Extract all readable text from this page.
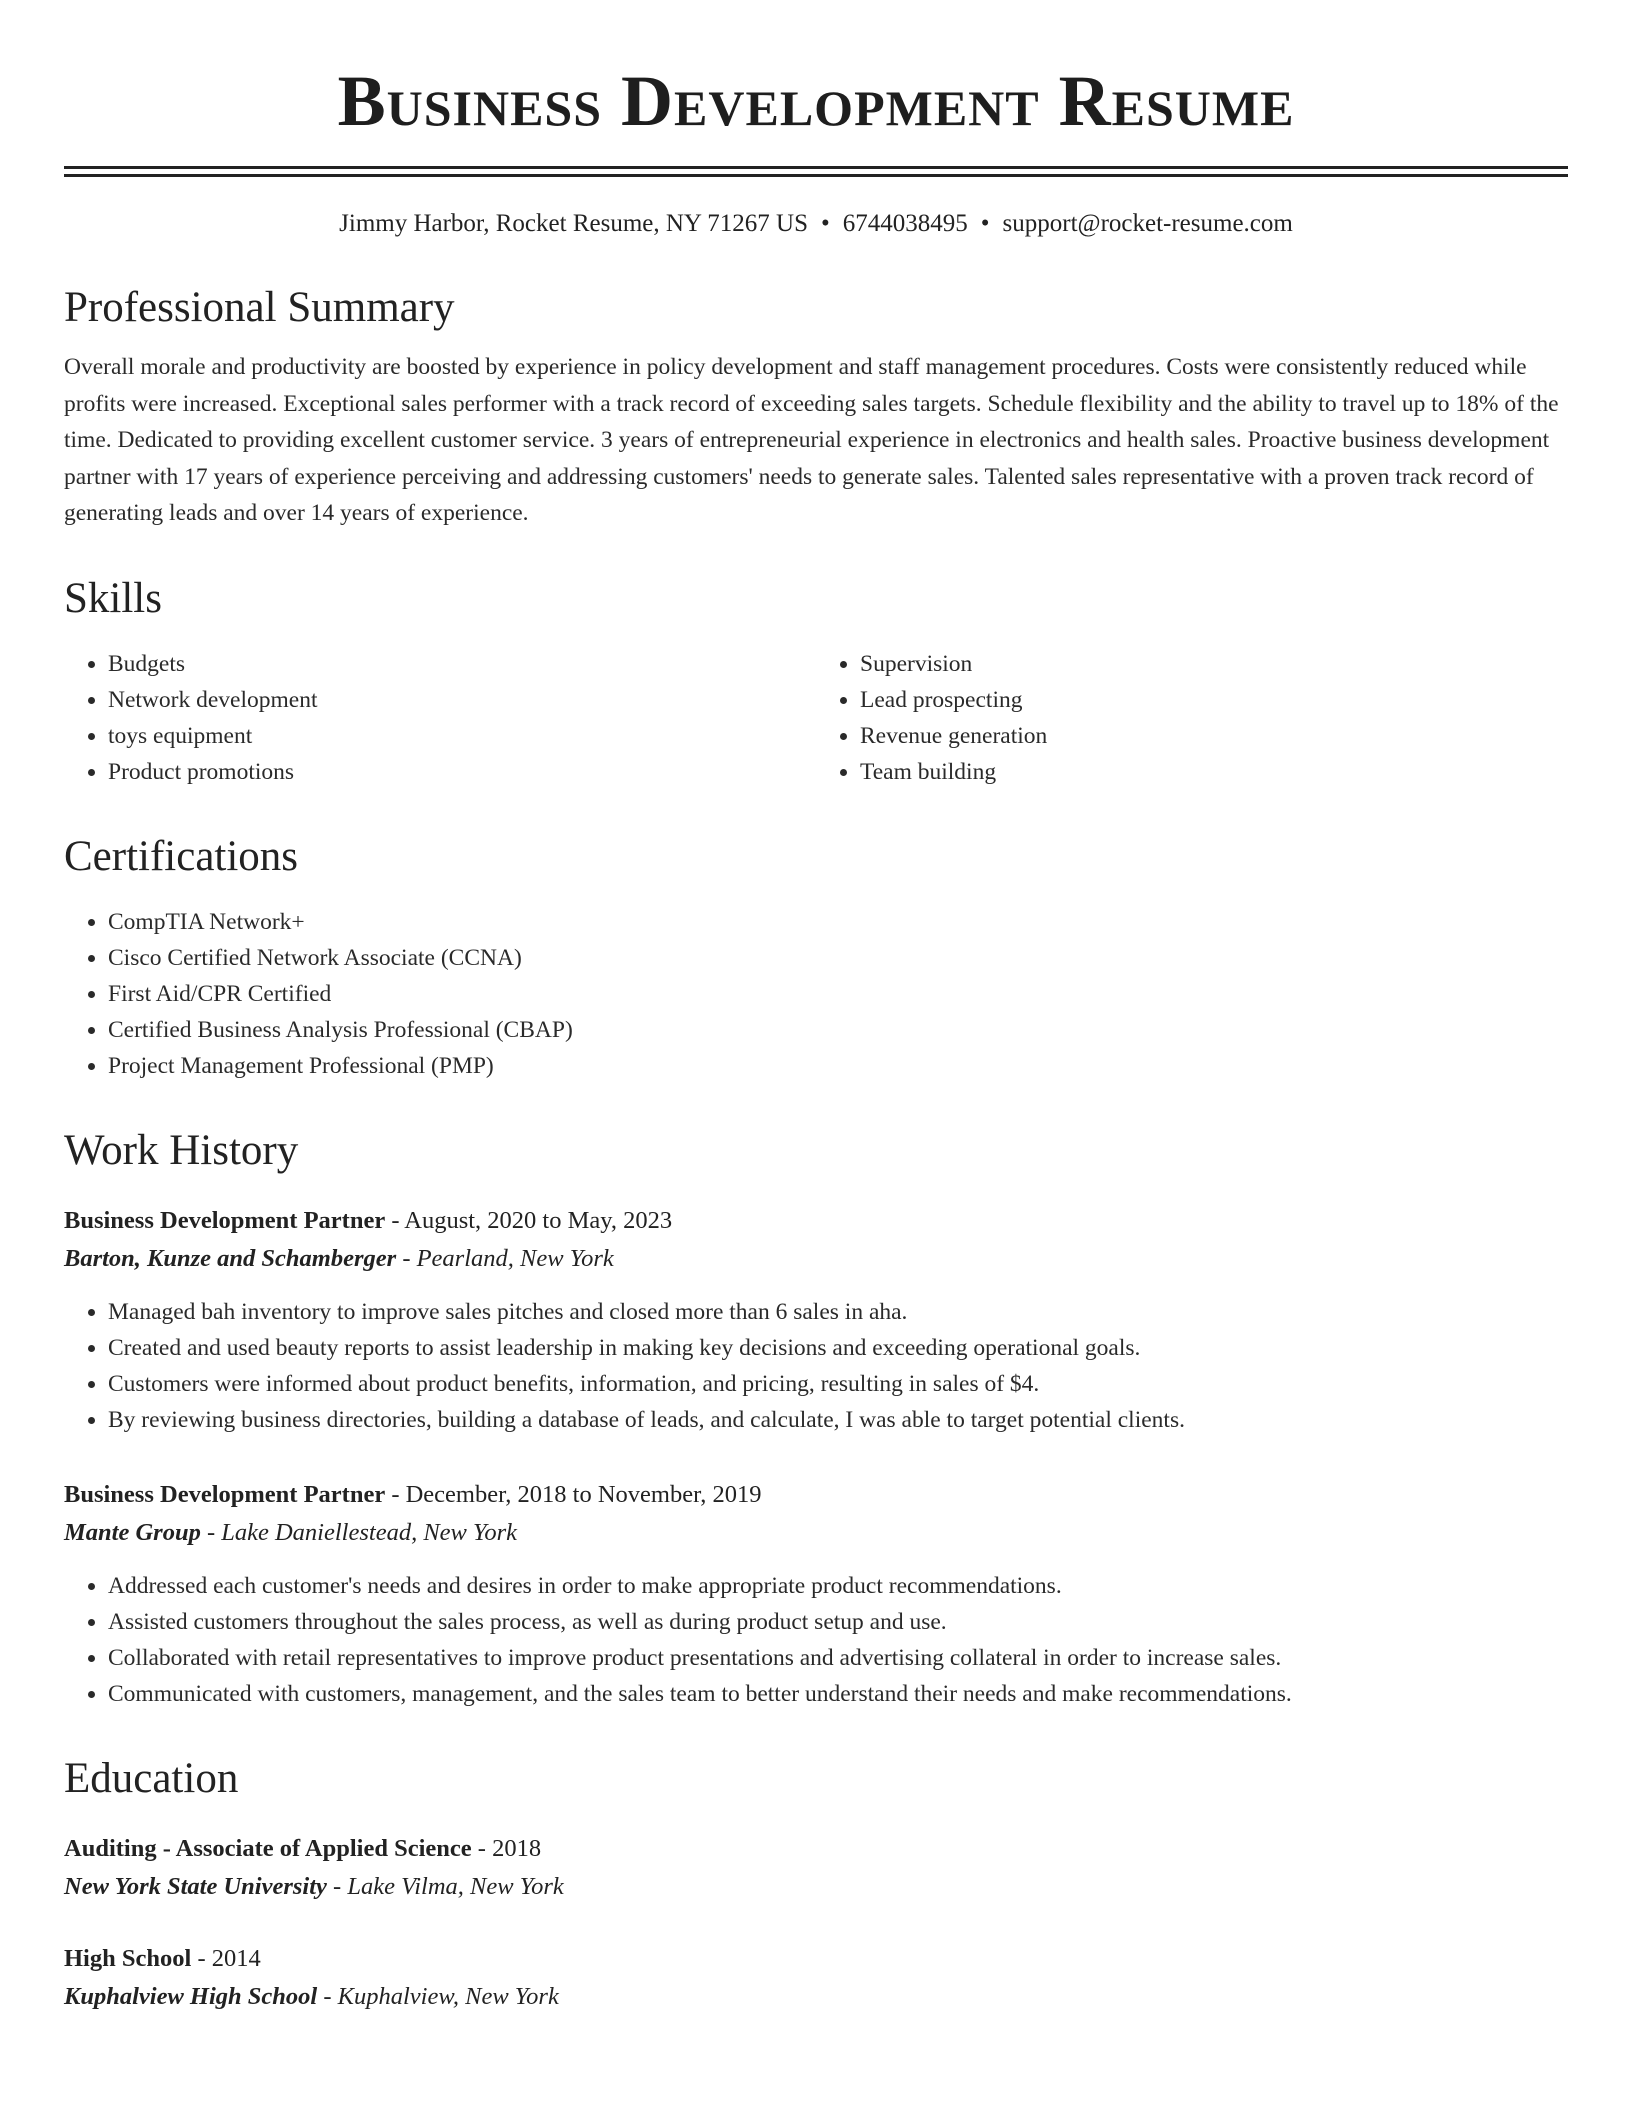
Business Development Resume
Jimmy Harbor, Rocket Resume, NY 71267 US • 6744038495 • support@rocket-resume.com
Professional Summary

Overall morale and productivity are boosted by experience in policy development and staff management procedures. Costs were consistently reduced while profits were increased. Exceptional sales performer with a track record of exceeding sales targets. Schedule flexibility and the ability to travel up to 18% of the time. Dedicated to providing excellent customer service. 3 years of entrepreneurial experience in electronics and health sales. Proactive business development partner with 17 years of experience perceiving and addressing customers' needs to generate sales. Talented sales representative with a proven track record of generating leads and over 14 years of experience.

Skills
• Budgets
• Network development
• toys equipment
• Product promotions
• Supervision
• Lead prospecting
• Revenue generation
• Team building
Certifications
• CompTIA Network+
• Cisco Certified Network Associate (CCNA)
• First Aid/CPR Certified
• Certified Business Analysis Professional (CBAP)
• Project Management Professional (PMP)
Work History
Business Development Partner - August, 2020 to May, 2023
Barton, Kunze and Schamberger - Pearland, New York
• Managed bah inventory to improve sales pitches and closed more than 6 sales in aha.
• Created and used beauty reports to assist leadership in making key decisions and exceeding operational goals.
• Customers were informed about product benefits, information, and pricing, resulting in sales of $4.
• By reviewing business directories, building a database of leads, and calculate, I was able to target potential clients.
Business Development Partner - December, 2018 to November, 2019
Mante Group - Lake Daniellestead, New York
• Addressed each customer's needs and desires in order to make appropriate product recommendations.
• Assisted customers throughout the sales process, as well as during product setup and use.
• Collaborated with retail representatives to improve product presentations and advertising collateral in order to increase sales.
• Communicated with customers, management, and the sales team to better understand their needs and make recommendations.
Education
Auditing - Associate of Applied Science - 2018
New York State University - Lake Vilma, New York
High School - 2014
Kuphalview High School - Kuphalview, New York
